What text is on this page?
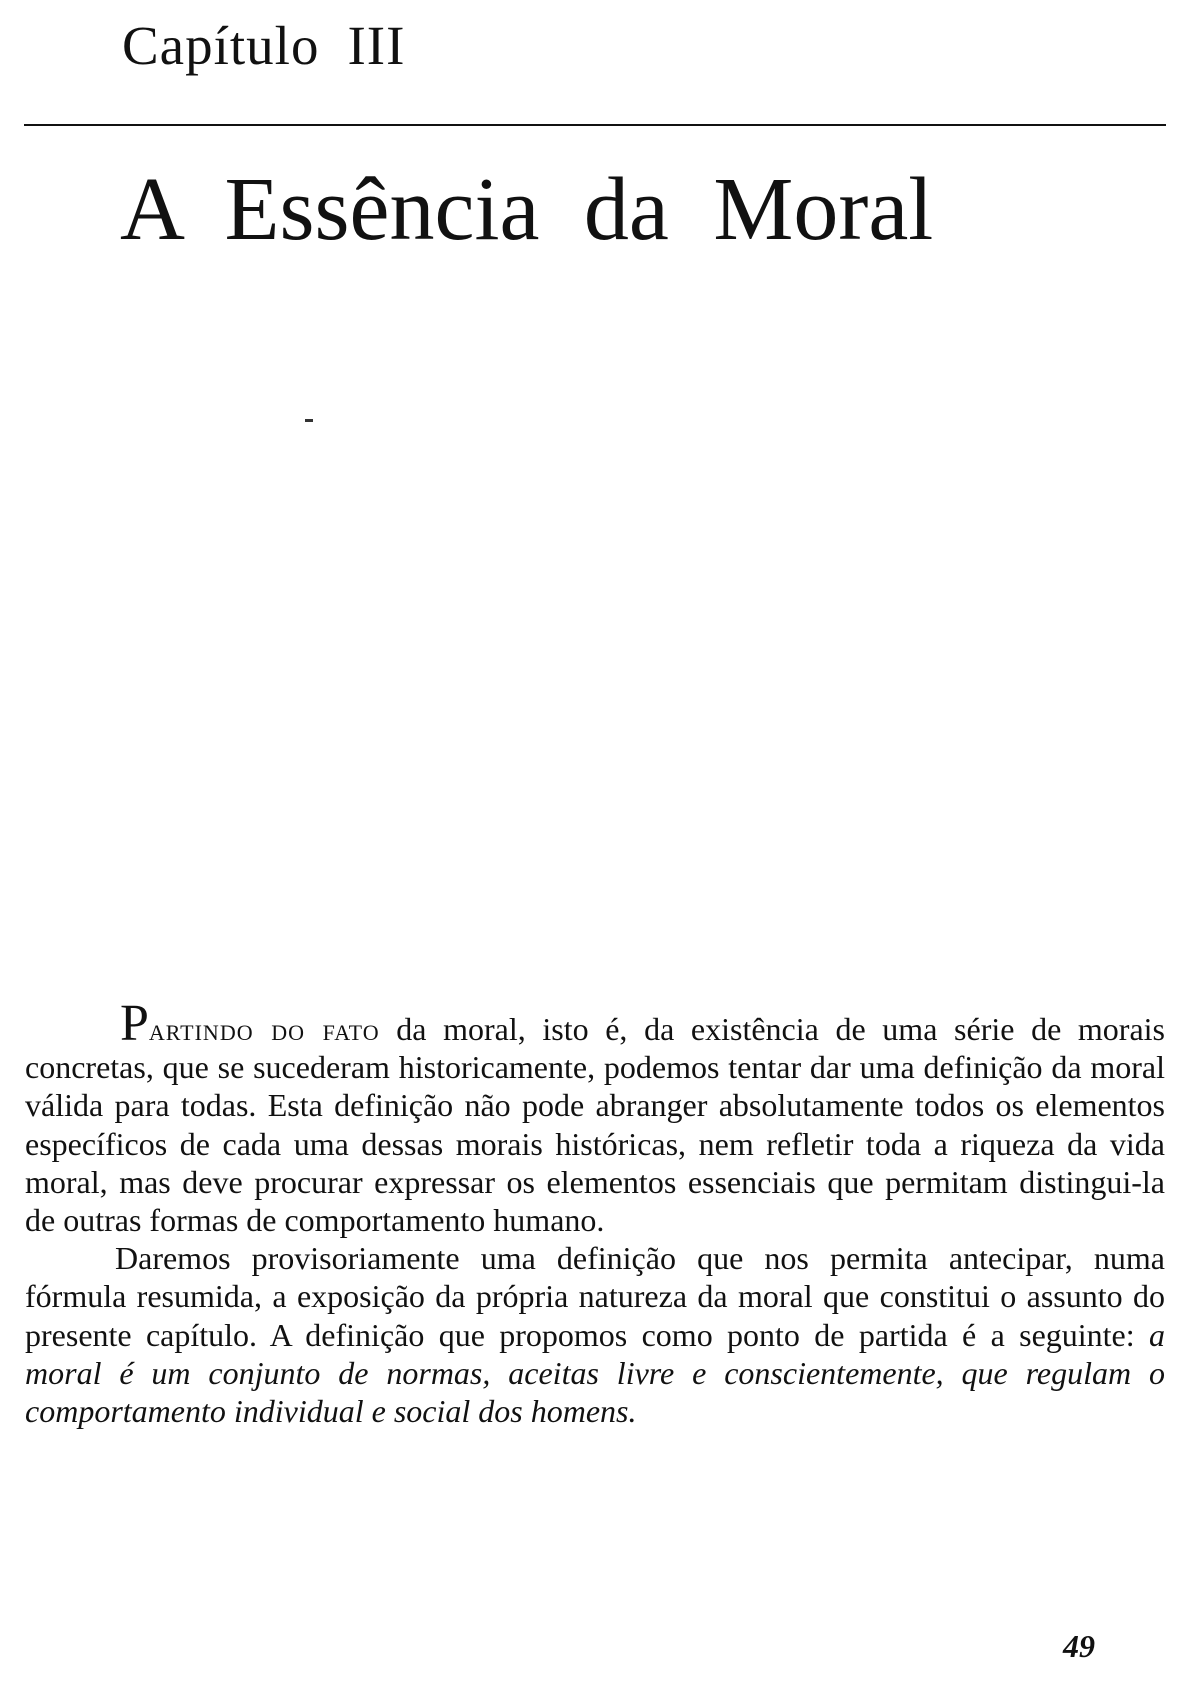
Capítulo III
A Essência da Moral

Partindo do fato da moral, isto é, da existência de uma série de morais concretas, que se sucederam historicamente, podemos tentar dar uma definição da moral válida para todas. Esta definição não pode abranger absolutamente todos os elementos específicos de cada uma dessas morais históricas, nem refletir toda a riqueza da vida moral, mas deve procurar expressar os elementos essenciais que permitam distingui-la de outras formas de comportamento humano.

Daremos provisoriamente uma definição que nos permita antecipar, numa fórmula resumida, a exposição da própria natureza da moral que constitui o assunto do presente capítulo. A definição que propomos como ponto de partida é a seguinte: a moral é um conjunto de normas, aceitas livre e conscientemente, que regulam o comportamento individual e social dos homens.

49
